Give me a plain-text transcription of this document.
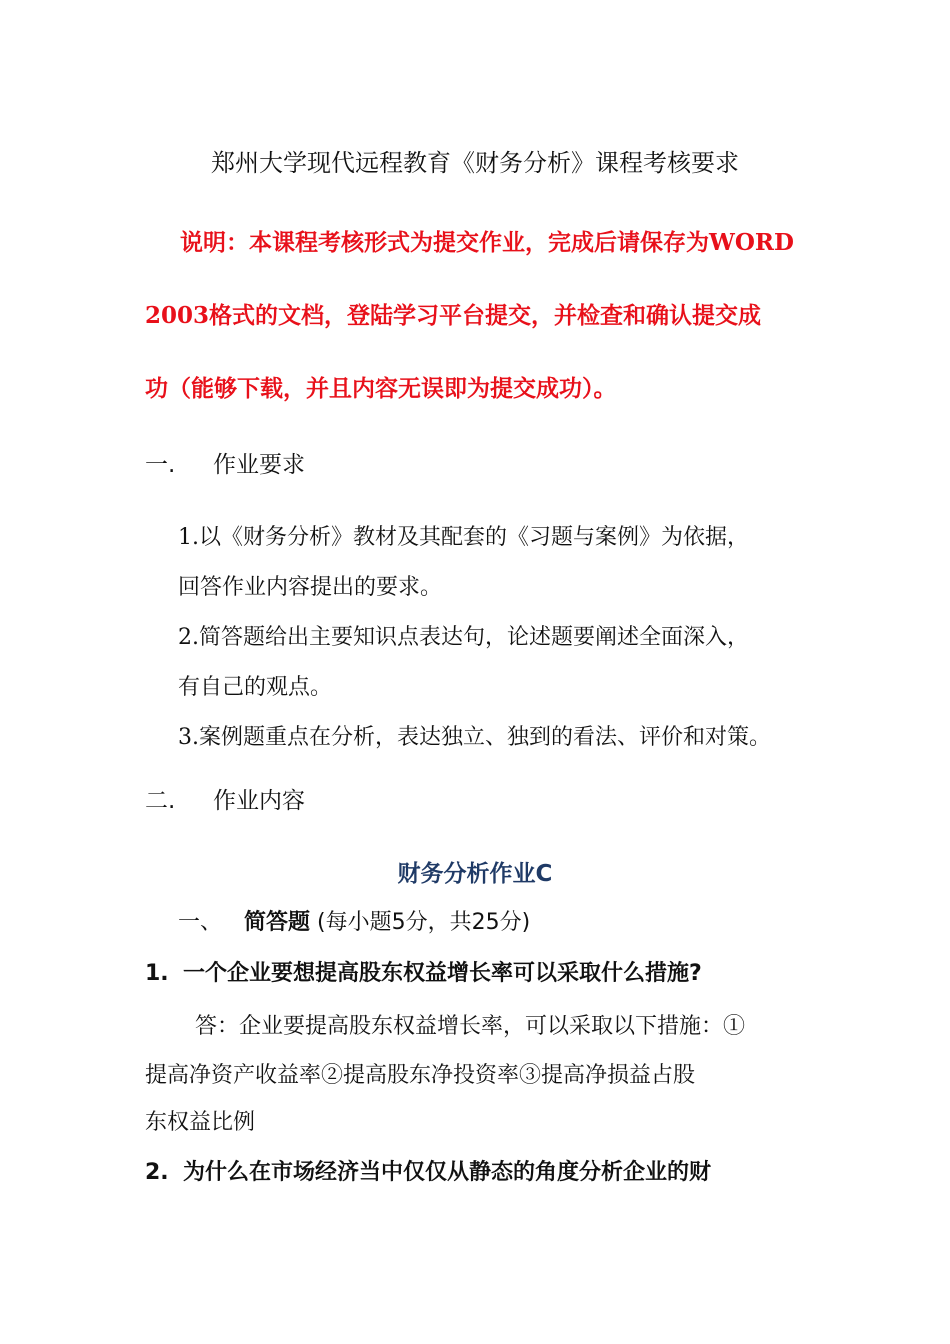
郑州大学现代远程教育《财务分析》课程考核要求
说明：本课程考核形式为提交作业，完成后请保存为WORD
2003格式的文档，登陆学习平台提交，并检查和确认提交成
功（能够下载，并且内容无误即为提交成功）。
一. 作业要求
1.以《财务分析》教材及其配套的《习题与案例》为依据，
回答作业内容提出的要求。
2.简答题给出主要知识点表达句，论述题要阐述全面深入，
有自己的观点。
3.案例题重点在分析，表达独立、独到的看法、评价和对策。
二. 作业内容
财务分析作业C
一、 简答题 (每小题5分，共25分)
1. 一个企业要想提高股东权益增长率可以采取什么措施?
答：企业要提高股东权益增长率，可以采取以下措施：①
提高净资产收益率②提高股东净投资率③提高净损益占股
东权益比例
2. 为什么在市场经济当中仅仅从静态的角度分析企业的财
